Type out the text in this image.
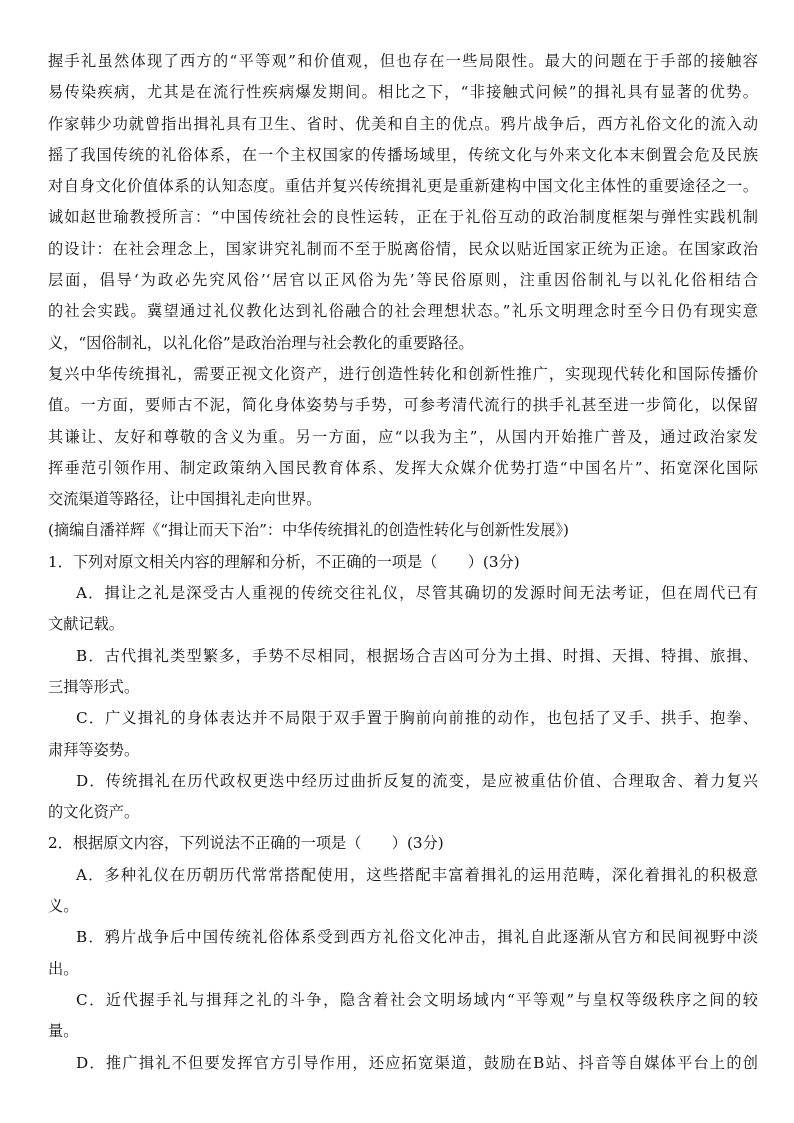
握手礼虽然体现了西方的“平等观”和价值观，但也存在一些局限性。最大的问题在于手部的接触容
易传染疾病，尤其是在流行性疾病爆发期间。相比之下，“非接触式问候”的揖礼具有显著的优势。
作家韩少功就曾指出揖礼具有卫生、省时、优美和自主的优点。鸦片战争后，西方礼俗文化的流入动
摇了我国传统的礼俗体系，在一个主权国家的传播场域里，传统文化与外来文化本末倒置会危及民族
对自身文化价值体系的认知态度。重估并复兴传统揖礼更是重新建构中国文化主体性的重要途径之一。
诚如赵世瑜教授所言：“中国传统社会的良性运转，正在于礼俗互动的政治制度框架与弹性实践机制
的设计：在社会理念上，国家讲究礼制而不至于脱离俗情，民众以贴近国家正统为正途。在国家政治
层面，倡导‘为政必先究风俗’‘居官以正风俗为先’等民俗原则，注重因俗制礼与以礼化俗相结合
的社会实践。冀望通过礼仪教化达到礼俗融合的社会理想状态。”礼乐文明理念时至今日仍有现实意
义，“因俗制礼，以礼化俗”是政治治理与社会教化的重要路径。
复兴中华传统揖礼，需要正视文化资产，进行创造性转化和创新性推广，实现现代转化和国际传播价
值。一方面，要师古不泥，简化身体姿势与手势，可参考清代流行的拱手礼甚至进一步简化，以保留
其谦让、友好和尊敬的含义为重。另一方面，应“以我为主”，从国内开始推广普及，通过政治家发
挥垂范引领作用、制定政策纳入国民教育体系、发挥大众媒介优势打造“中国名片”、拓宽深化国际
交流渠道等路径，让中国揖礼走向世界。
(摘编自潘祥辉《“揖让而天下治”：中华传统揖礼的创造性转化与创新性发展》)
1．下列对原文相关内容的理解和分析，不正确的一项是（　　）(3分)
A．揖让之礼是深受古人重视的传统交往礼仪，尽管其确切的发源时间无法考证，但在周代已有
文献记载。
B．古代揖礼类型繁多，手势不尽相同，根据场合吉凶可分为土揖、时揖、天揖、特揖、旅揖、
三揖等形式。
C．广义揖礼的身体表达并不局限于双手置于胸前向前推的动作，也包括了叉手、拱手、抱拳、
肃拜等姿势。
D．传统揖礼在历代政权更迭中经历过曲折反复的流变，是应被重估价值、合理取舍、着力复兴
的文化资产。
2．根据原文内容，下列说法不正确的一项是（　　）(3分)
A．多种礼仪在历朝历代常常搭配使用，这些搭配丰富着揖礼的运用范畴，深化着揖礼的积极意
义。
B．鸦片战争后中国传统礼俗体系受到西方礼俗文化冲击，揖礼自此逐渐从官方和民间视野中淡
出。
C．近代握手礼与揖拜之礼的斗争，隐含着社会文明场域内“平等观”与皇权等级秩序之间的较
量。
D．推广揖礼不但要发挥官方引导作用，还应拓宽渠道，鼓励在B站、抖音等自媒体平台上的创
